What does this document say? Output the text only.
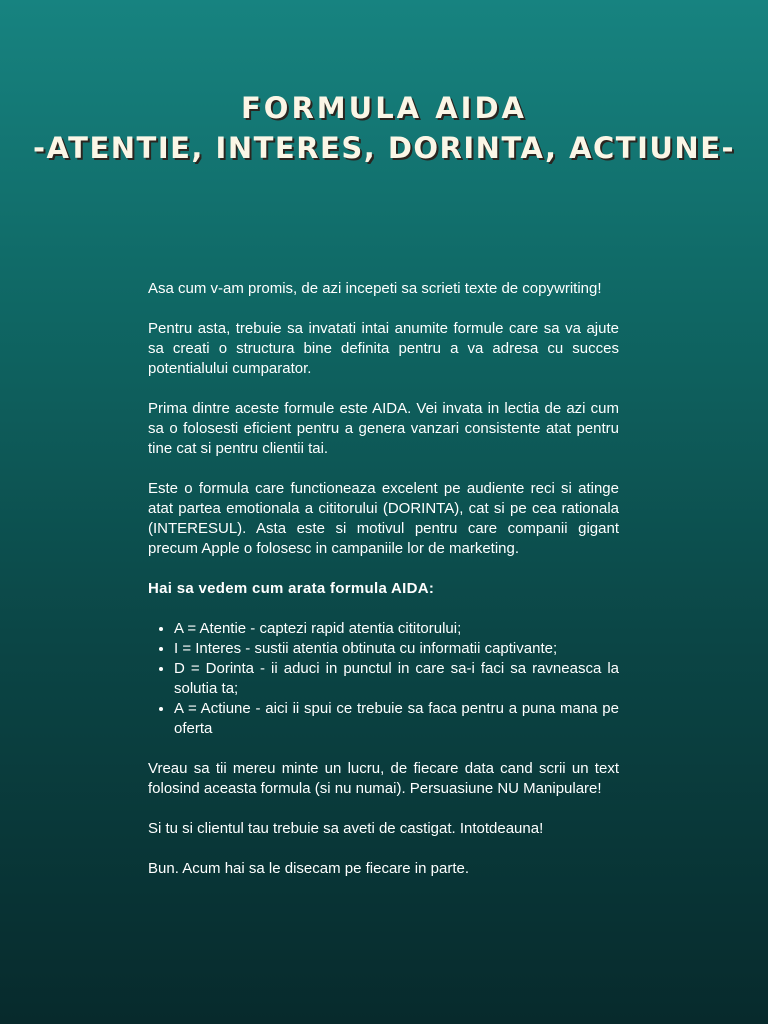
FORMULA AIDA
-ATENTIE, INTERES, DORINTA, ACTIUNE-

Asa cum v-am promis, de azi incepeti sa scrieti texte de copywriting!

Pentru asta, trebuie sa invatati intai anumite formule care sa va ajute sa creati o structura bine definita pentru a va adresa cu succes potentialului cumparator.

Prima dintre aceste formule este AIDA. Vei invata in lectia de azi cum sa o folosesti eficient pentru a genera vanzari consistente atat pentru tine cat si pentru clientii tai.

Este o formula care functioneaza excelent pe audiente reci si atinge atat partea emotionala a cititorului (DORINTA), cat si pe cea rationala (INTERESUL). Asta este si motivul pentru care companii gigant precum Apple o folosesc in campaniile lor de marketing.

Hai sa vedem cum arata formula AIDA:

• A = Atentie - captezi rapid atentia cititorului;
• I = Interes - sustii atentia obtinuta cu informatii captivante;
• D = Dorinta - ii aduci in punctul in care sa-i faci sa ravneasca la solutia ta;
• A = Actiune - aici ii spui ce trebuie sa faca pentru a puna mana pe oferta

Vreau sa tii mereu minte un lucru, de fiecare data cand scrii un text folosind aceasta formula (si nu numai). Persuasiune NU Manipulare!

Si tu si clientul tau trebuie sa aveti de castigat. Intotdeauna!

Bun. Acum hai sa le disecam pe fiecare in parte.
